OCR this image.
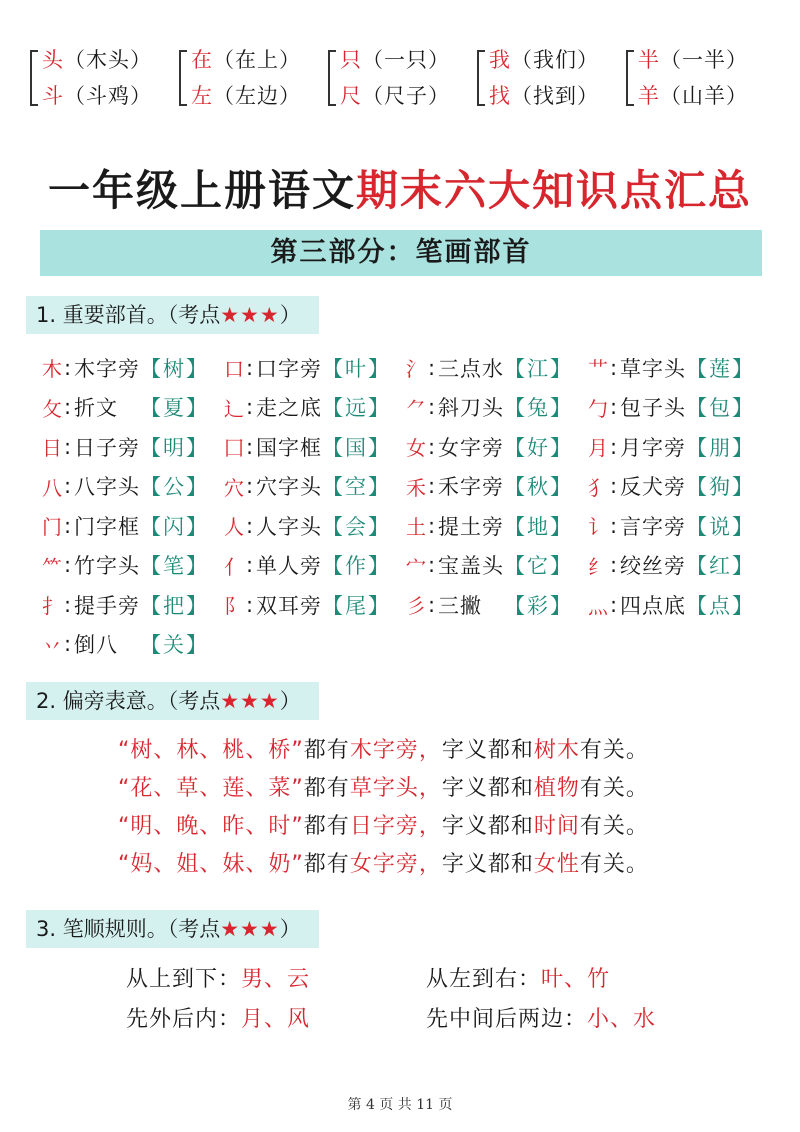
头（木头）
斗（斗鸡）
在（在上）
左（左边）
只（一只）
尺（尺子）
我（我们）
找（找到）
半（一半）
羊（山羊）
一年级上册语文期末六大知识点汇总
第三部分：笔画部首
1. 重要部首。（考点★★★）
木 : 木字旁 【树】 口 : 口字旁 【叶】 氵 : 三点水 【江】 艹 : 草字头 【莲】
攵 : 折文　 【夏】 辶 : 走之底 【远】 ⺈ : 斜刀头 【兔】 勹 : 包子头 【包】
日 : 日子旁 【明】 囗 : 国字框 【国】 女 : 女字旁 【好】 月 : 月字旁 【朋】
八 : 八字头 【公】 穴 : 穴字头 【空】 禾 : 禾字旁 【秋】 犭 : 反犬旁 【狗】
门 : 门字框 【闪】 人 : 人字头 【会】 土 : 提土旁 【地】 讠 : 言字旁 【说】
⺮ : 竹字头 【笔】 亻 : 单人旁 【作】 宀 : 宝盖头 【它】 纟 : 绞丝旁 【红】
扌 : 提手旁 【把】 阝 : 双耳旁 【尾】 彡 : 三撇　 【彩】 灬 : 四点底 【点】
丷 : 倒八　 【关】
2. 偏旁表意。（考点★★★）
“树、林、桃、桥”都有木字旁，字义都和树木有关。
“花、草、莲、菜”都有草字头，字义都和植物有关。
“明、晚、昨、时”都有日字旁，字义都和时间有关。
“妈、姐、妹、奶”都有女字旁，字义都和女性有关。
3. 笔顺规则。（考点★★★）
从上到下：男、云	从左到右：叶、竹
先外后内：月、风	先中间后两边：小、水
第 4 页 共 11 页
